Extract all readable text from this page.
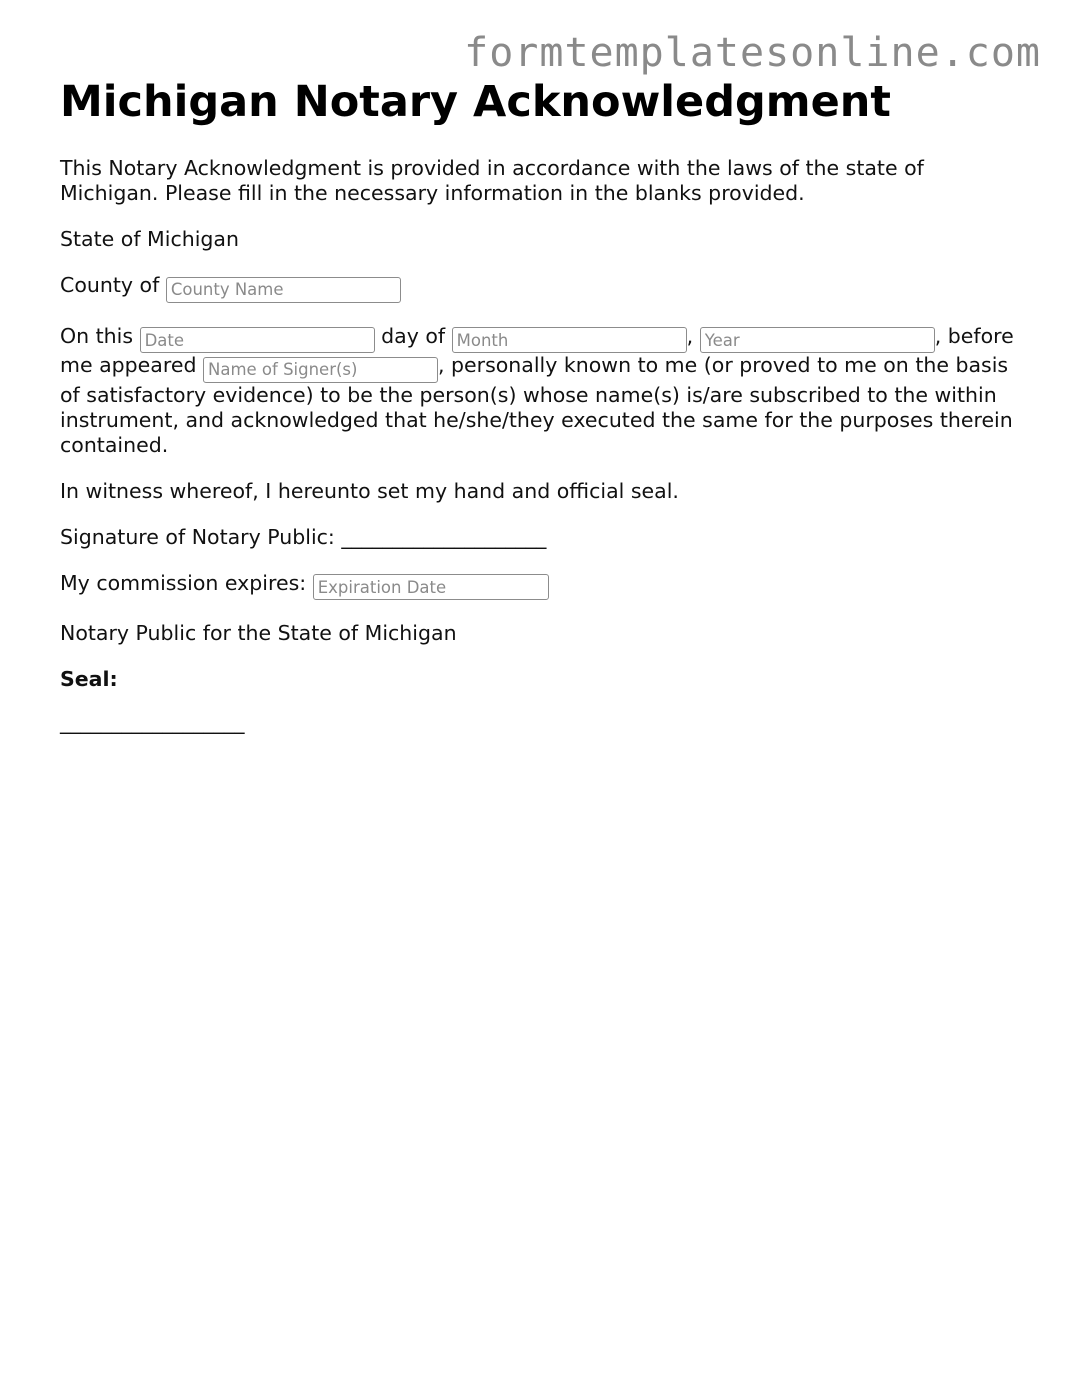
formtemplatesonline.com
Michigan Notary Acknowledgment

This Notary Acknowledgment is provided in accordance with the laws of the state of Michigan. Please fill in the necessary information in the blanks provided.

State of Michigan

County of County Name

On this Date	day of Month	, Year	, before me appeared Name of Signer(s)	, personally known to me (or proved to me on the basis of satisfactory evidence) to be the person(s) whose name(s) is/are subscribed to the within instrument, and acknowledged that he/she/they executed the same for the purposes therein contained.

In witness whereof, I hereunto set my hand and official seal.

Signature of Notary Public: ____________________

My commission expires: Expiration Date

Notary Public for the State of Michigan

Seal:

__________________
